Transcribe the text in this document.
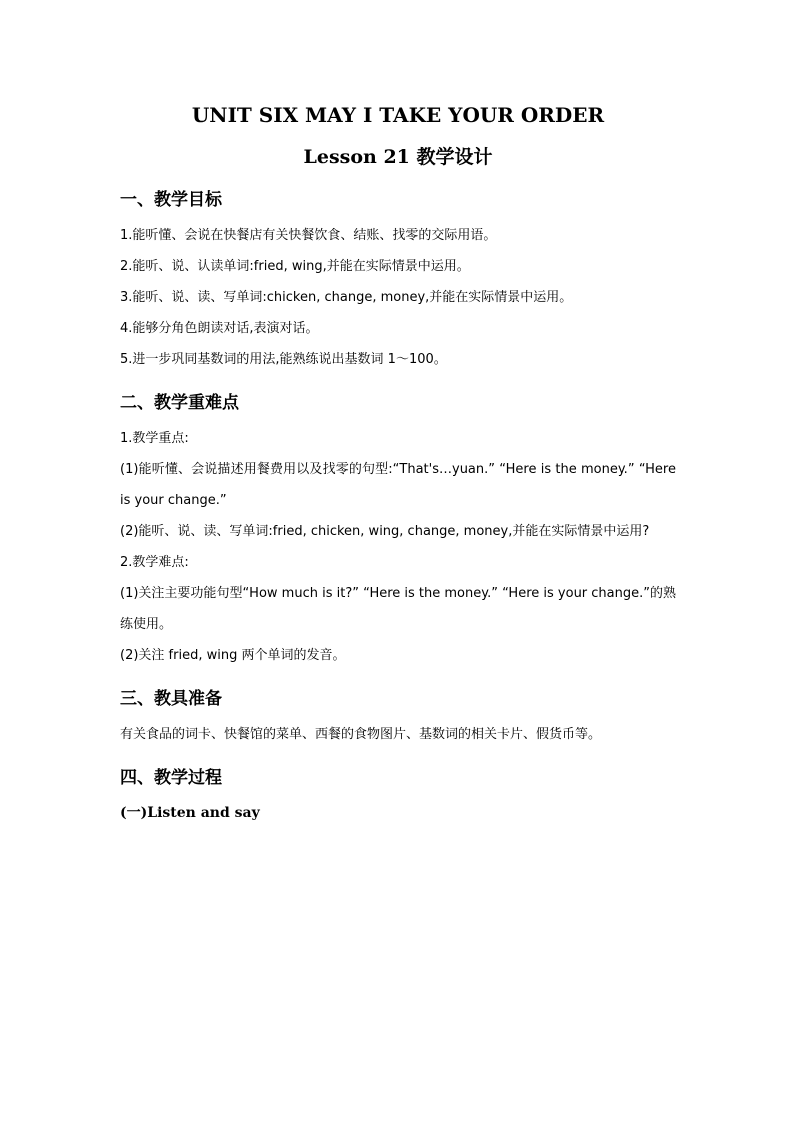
UNIT SIX MAY I TAKE YOUR ORDER
Lesson 21 教学设计
一、教学目标

1.能听懂、会说在快餐店有关快餐饮食、结账、找零的交际用语。

2.能听、说、认读单词:fried, wing,并能在实际情景中运用。

3.能听、说、读、写单词:chicken, change, money,并能在实际情景中运用。

4.能够分角色朗读对话,表演对话。

5.进一步巩同基数词的用法,能熟练说出基数词 1～100。

二、教学重难点

1.教学重点:

(1)能听懂、会说描述用餐费用以及找零的句型:“That's…yuan.” “Here is the money.” “Here is your change.”

(2)能听、说、读、写单词:fried, chicken, wing, change, money,并能在实际情景中运用?

2.教学难点:

(1)关注主要功能句型“How much is it?” “Here is the money.” “Here is your change.”的熟练使用。

(2)关注 fried, wing 两个单词的发音。

三、教具准备

有关食品的词卡、快餐馆的菜单、西餐的食物图片、基数词的相关卡片、假货币等。

四、教学过程

(一)Listen and say
